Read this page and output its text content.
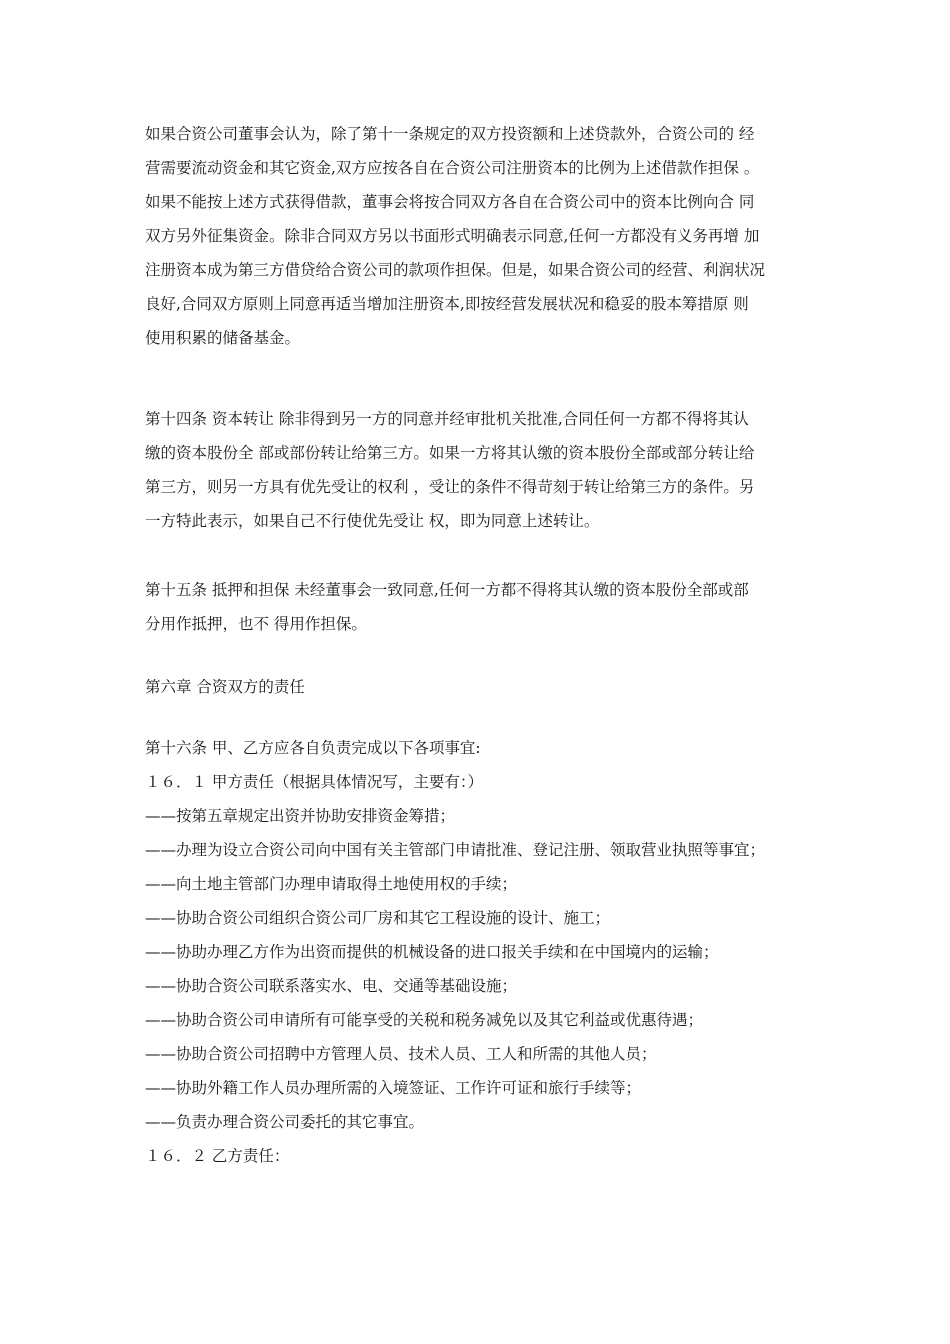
如果合资公司董事会认为，除了第十一条规定的双方投资额和上述贷款外，合资公司的 经
营需要流动资金和其它资金,双方应按各自在合资公司注册资本的比例为上述借款作担保 。
如果不能按上述方式获得借款，董事会将按合同双方各自在合资公司中的资本比例向合 同
双方另外征集资金。除非合同双方另以书面形式明确表示同意,任何一方都没有义务再增 加
注册资本成为第三方借贷给合资公司的款项作担保。但是，如果合资公司的经营、利润状况
良好,合同双方原则上同意再适当增加注册资本,即按经营发展状况和稳妥的股本筹措原 则
使用积累的储备基金。
第十四条 资本转让 除非得到另一方的同意并经审批机关批准,合同任何一方都不得将其认
缴的资本股份全 部或部份转让给第三方。如果一方将其认缴的资本股份全部或部分转让给
第三方，则另一方具有优先受让的权利 ，受让的条件不得苛刻于转让给第三方的条件。另
一方特此表示，如果自己不行使优先受让 权，即为同意上述转让。
第十五条 抵押和担保 未经董事会一致同意,任何一方都不得将其认缴的资本股份全部或部
分用作抵押，也不 得用作担保。
第六章 合资双方的责任
第十六条 甲、乙方应各自负责完成以下各项事宜:
１６．１ 甲方责任（根据具体情况写，主要有：）
——按第五章规定出资并协助安排资金筹措；
——办理为设立合资公司向中国有关主管部门申请批准、登记注册、领取营业执照等事宜；
——向土地主管部门办理申请取得土地使用权的手续；
——协助合资公司组织合资公司厂房和其它工程设施的设计、施工；
——协助办理乙方作为出资而提供的机械设备的进口报关手续和在中国境内的运输；
——协助合资公司联系落实水、电、交通等基础设施；
——协助合资公司申请所有可能享受的关税和税务减免以及其它利益或优惠待遇；
——协助合资公司招聘中方管理人员、技术人员、工人和所需的其他人员；
——协助外籍工作人员办理所需的入境签证、工作许可证和旅行手续等；
——负责办理合资公司委托的其它事宜。
１６．２ 乙方责任：
